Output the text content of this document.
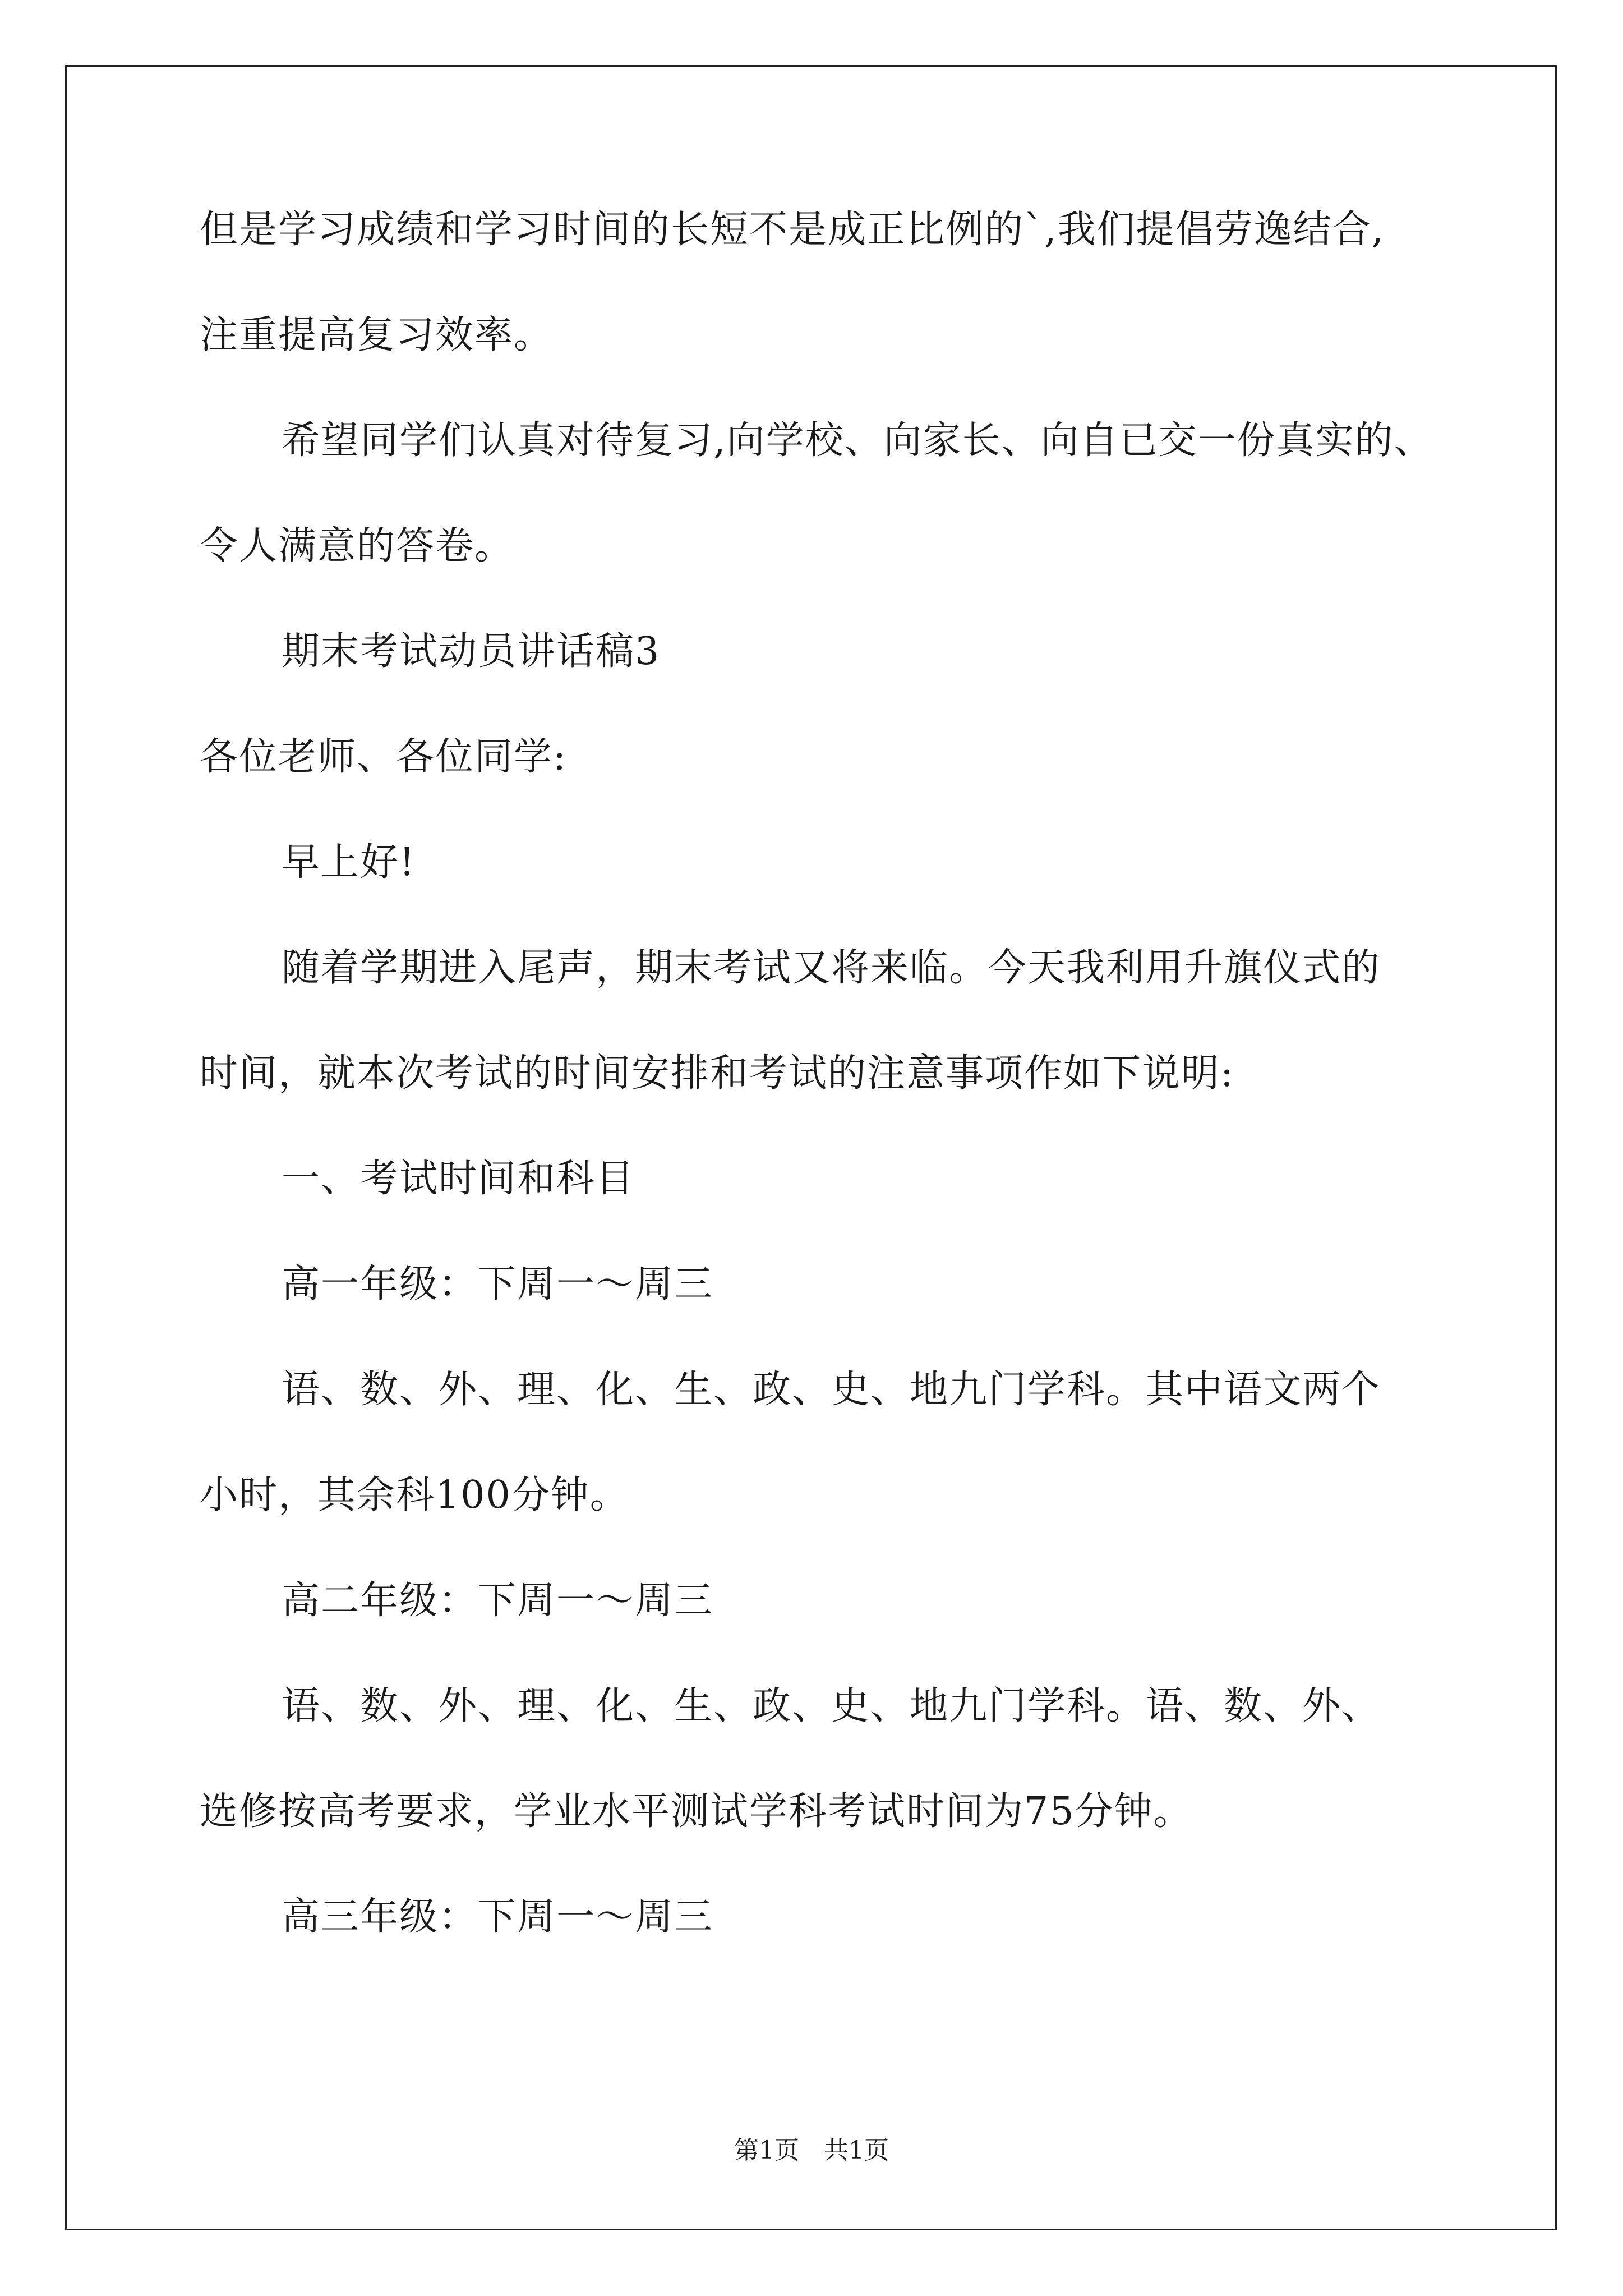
但是学习成绩和学习时间的长短不是成正比例的`,我们提倡劳逸结合,
注重提高复习效率。
希望同学们认真对待复习,向学校、向家长、向自已交一份真实的、
令人满意的答卷。
期末考试动员讲话稿3
各位老师、各位同学:
早上好!
随着学期进入尾声，期末考试又将来临。今天我利用升旗仪式的
时间，就本次考试的时间安排和考试的注意事项作如下说明:
一、考试时间和科目
高一年级：下周一～周三
语、数、外、理、化、生、政、史、地九门学科。其中语文两个
小时，其余科100分钟。
高二年级：下周一～周三
语、数、外、理、化、生、政、史、地九门学科。语、数、外、
选修按高考要求，学业水平测试学科考试时间为75分钟。
高三年级：下周一～周三
第1页　共1页
